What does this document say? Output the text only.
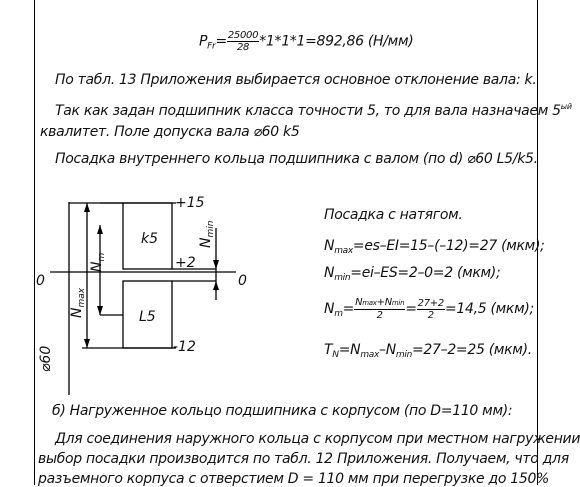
$P_{Fr}= \frac{25000}{28} *1*1*1=892,86$ (Н/мм)
По табл. 13 Приложения выбирается основное отклонение вала: k.
Так как задан подшипник класса точности 5, то для вала назначаем $5^{ый}$
квалитет. Поле допуска вала ⌀60 k5
Посадка внутреннего кольца подшипника с валом (по d) ⌀60 L5/k5.
+15
+2
0	0
-12
k5
L5
$N_{min}$
$N_m$
$N_{max}$
⌀60
Посадка с натягом.
$N_{max}=es-EI=15-(-12)=27$ (мкм);
$N_{min}=ei-ES=2-0=2$ (мкм);
$N_m= \frac{Nmax+Nmin}{2} = \frac{27+2}{2} =14,5$ (мкм);
$T_N=N_{max}-N_{min}=27-2=25$ (мкм).
б) Нагруженное кольцо подшипника с корпусом (по D=110 мм):
Для соединения наружного кольца с корпусом при местном нагружении
выбор посадки производится по табл. 12 Приложения. Получаем, что для
разъемного корпуса с отверстием D = 110 мм при перегрузке до 150%
